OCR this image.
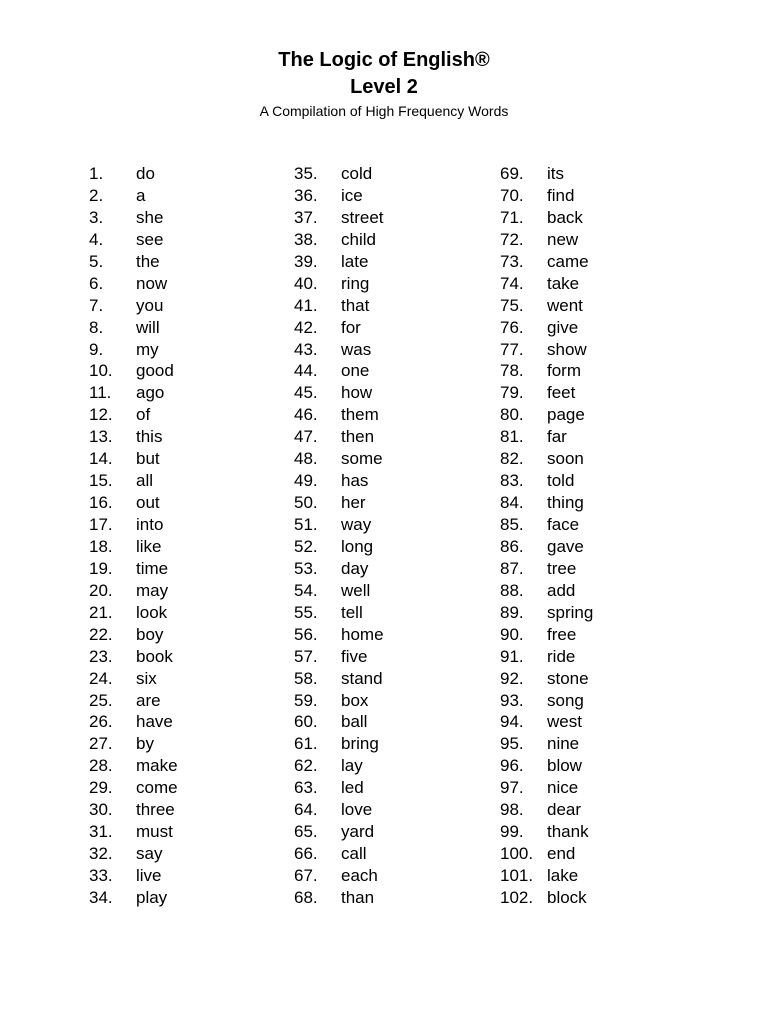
The Logic of English®
Level 2
A Compilation of High Frequency Words
1.	do
2.	a
3.	she
4.	see
5.	the
6.	now
7.	you
8.	will
9.	my
10.	good
11.	ago
12.	of
13.	this
14.	but
15.	all
16.	out
17.	into
18.	like
19.	time
20.	may
21.	look
22.	boy
23.	book
24.	six
25.	are
26.	have
27.	by
28.	make
29.	come
30.	three
31.	must
32.	say
33.	live
34.	play
35.	cold
36.	ice
37.	street
38.	child
39.	late
40.	ring
41.	that
42.	for
43.	was
44.	one
45.	how
46.	them
47.	then
48.	some
49.	has
50.	her
51.	way
52.	long
53.	day
54.	well
55.	tell
56.	home
57.	five
58.	stand
59.	box
60.	ball
61.	bring
62.	lay
63.	led
64.	love
65.	yard
66.	call
67.	each
68.	than
69.	its
70.	find
71.	back
72.	new
73.	came
74.	take
75.	went
76.	give
77.	show
78.	form
79.	feet
80.	page
81.	far
82.	soon
83.	told
84.	thing
85.	face
86.	gave
87.	tree
88.	add
89.	spring
90.	free
91.	ride
92.	stone
93.	song
94.	west
95.	nine
96.	blow
97.	nice
98.	dear
99.	thank
100. end
101. lake
102. block
